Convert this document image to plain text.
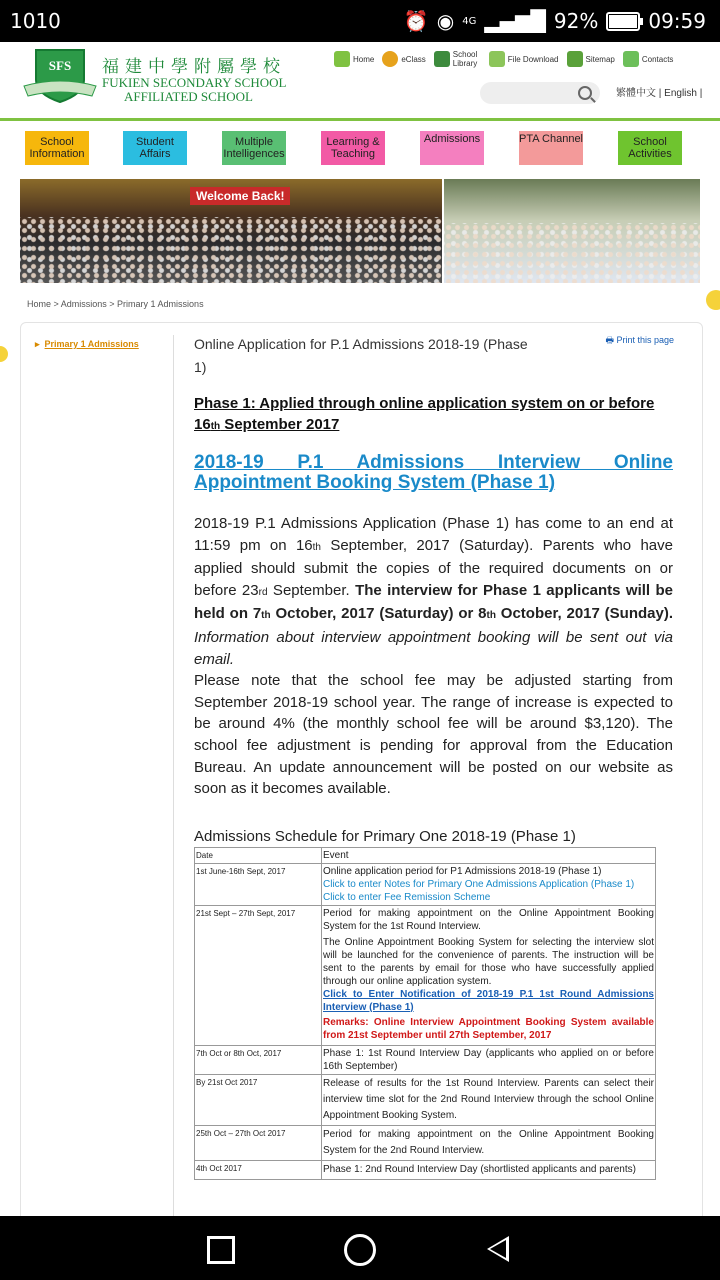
1010	⏰ ◉ 4G ▂▄▆█ 92%	09:59
SFS 福建中學附屬學校
FUKIEN SECONDARY SCHOOL
AFFILIATED SCHOOL
Home	eClass	School Library	File Download	Sitemap	Contacts
繁體中文 | English |
School Information
Student Affairs
Multiple Intelligences
Learning & Teaching
Admissions	PTA Channel	School Activities
Welcome Back!
Home > Admissions > Primary 1 Admissions
▸ Primary 1 Admissions	🖶 Print this page
Online Application for P.1 Admissions 2018-19 (Phase 1)
Phase 1: Applied through online application system on or before 16th September 2017
2018-19 P.1 Admissions Interview Online
Appointment Booking System (Phase 1)
2018-19 P.1 Admissions Application (Phase 1) has come to an end at 11:59 pm on 16th September, 2017 (Saturday). Parents who have applied should submit the copies of the required documents on or before 23rd September. The interview for Phase 1 applicants will be held on 7th October, 2017 (Saturday) or 8th October, 2017 (Sunday). Information about interview appointment booking will be sent out via email.
Please note that the school fee may be adjusted starting from September 2018-19 school year. The range of increase is expected to be around 4% (the monthly school fee will be around $3,120). The school fee adjustment is pending for approval from the Education Bureau. An update announcement will be posted on our website as soon as it becomes available.
Admissions Schedule for Primary One 2018-19 (Phase 1)
Date	Event
1st June-16th Sept, 2017	Online application period for P1 Admissions 2018-19 (Phase 1)
Click to enter Notes for Primary One Admissions Application (Phase 1)
Click to enter Fee Remission Scheme

21st Sept – 27th Sept, 2017	Period for making appointment on the Online Appointment Booking System for the 1st Round Interview.
The Online Appointment Booking System for selecting the interview slot will be launched for the convenience of parents. The instruction will be sent to the parents by email for those who have successfully applied through our online application system.
Click to Enter Notification of 2018-19 P.1 1st Round Admissions Interview (Phase 1)
Remarks: Online Interview Appointment Booking System available from 21st September until 27th September, 2017

7th Oct or 8th Oct, 2017	Phase 1: 1st Round Interview Day (applicants who applied on or before 16th September)
By 21st Oct 2017	Release of results for the 1st Round Interview. Parents can select their interview time slot for the 2nd Round Interview through the school Online Appointment Booking System.
25th Oct – 27th Oct 2017	Period for making appointment on the Online Appointment Booking System for the 2nd Round Interview.
4th Oct 2017	Phase 1: 2nd Round Interview Day (shortlisted applicants and parents)
